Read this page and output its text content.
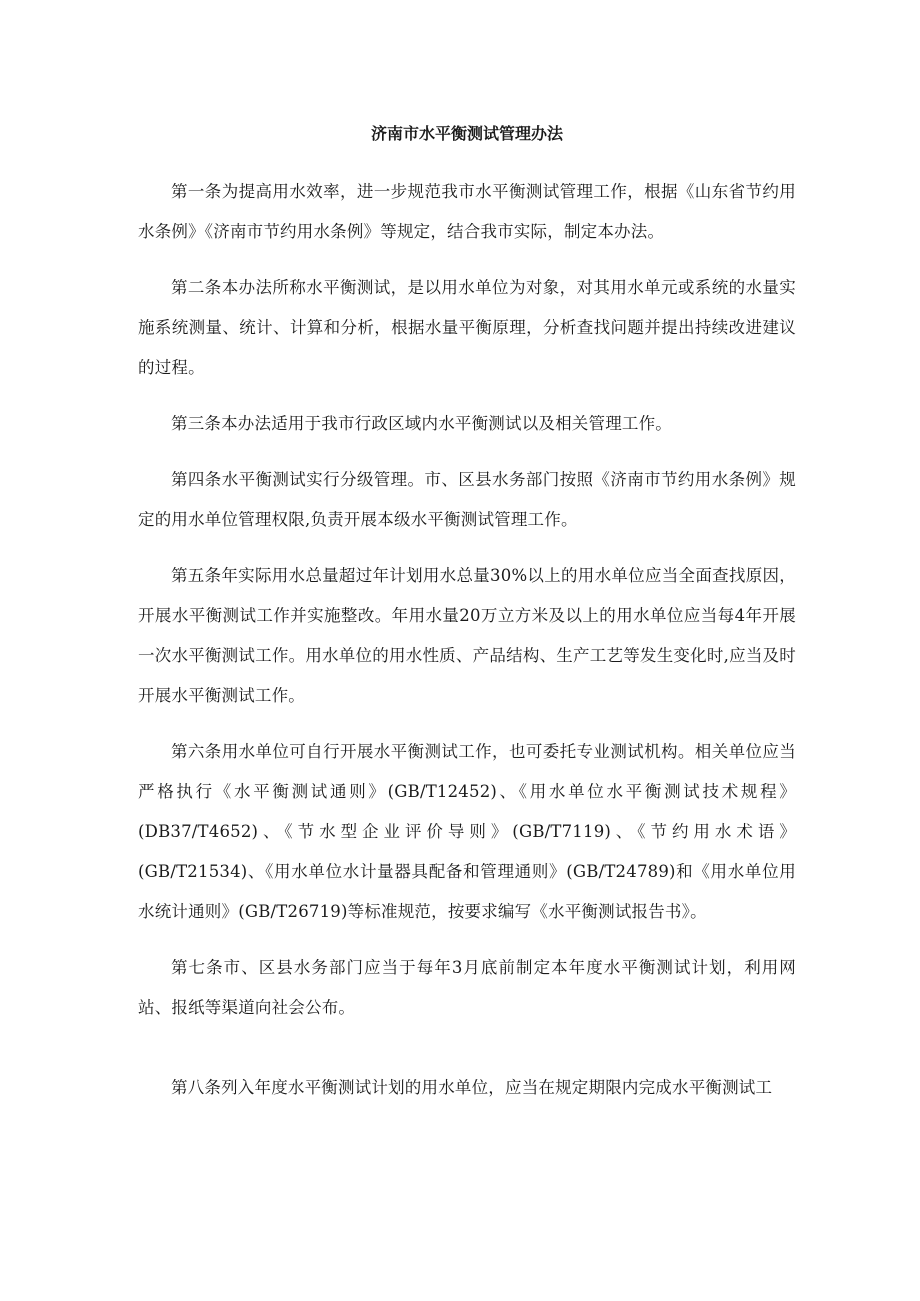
济南市水平衡测试管理办法

第一条为提高用水效率，进一步规范我市水平衡测试管理工作，根据《山东省节约用水条例》《济南市节约用水条例》等规定，结合我市实际，制定本办法。

第二条本办法所称水平衡测试，是以用水单位为对象，对其用水单元或系统的水量实施系统测量、统计、计算和分析，根据水量平衡原理，分析查找问题并提出持续改进建议的过程。

第三条本办法适用于我市行政区域内水平衡测试以及相关管理工作。

第四条水平衡测试实行分级管理。市、区县水务部门按照《济南市节约用水条例》规定的用水单位管理权限,负责开展本级水平衡测试管理工作。

第五条年实际用水总量超过年计划用水总量30%以上的用水单位应当全面查找原因，开展水平衡测试工作并实施整改。年用水量20万立方米及以上的用水单位应当每4年开展一次水平衡测试工作。用水单位的用水性质、产品结构、生产工艺等发生变化时,应当及时开展水平衡测试工作。

第六条用水单位可自行开展水平衡测试工作，也可委托专业测试机构。相关单位应当严格执行《水平衡测试通则》(GB/T12452)、《用水单位水平衡测试技术规程》(DB37/T4652)、《节水型企业评价导则》(GB/T7119)、《节约用水术语》(GB/T21534)、《用水单位水计量器具配备和管理通则》(GB/T24789)和《用水单位用水统计通则》(GB/T26719)等标准规范，按要求编写《水平衡测试报告书》。

第七条市、区县水务部门应当于每年3月底前制定本年度水平衡测试计划，利用网站、报纸等渠道向社会公布。

第八条列入年度水平衡测试计划的用水单位，应当在规定期限内完成水平衡测试工
